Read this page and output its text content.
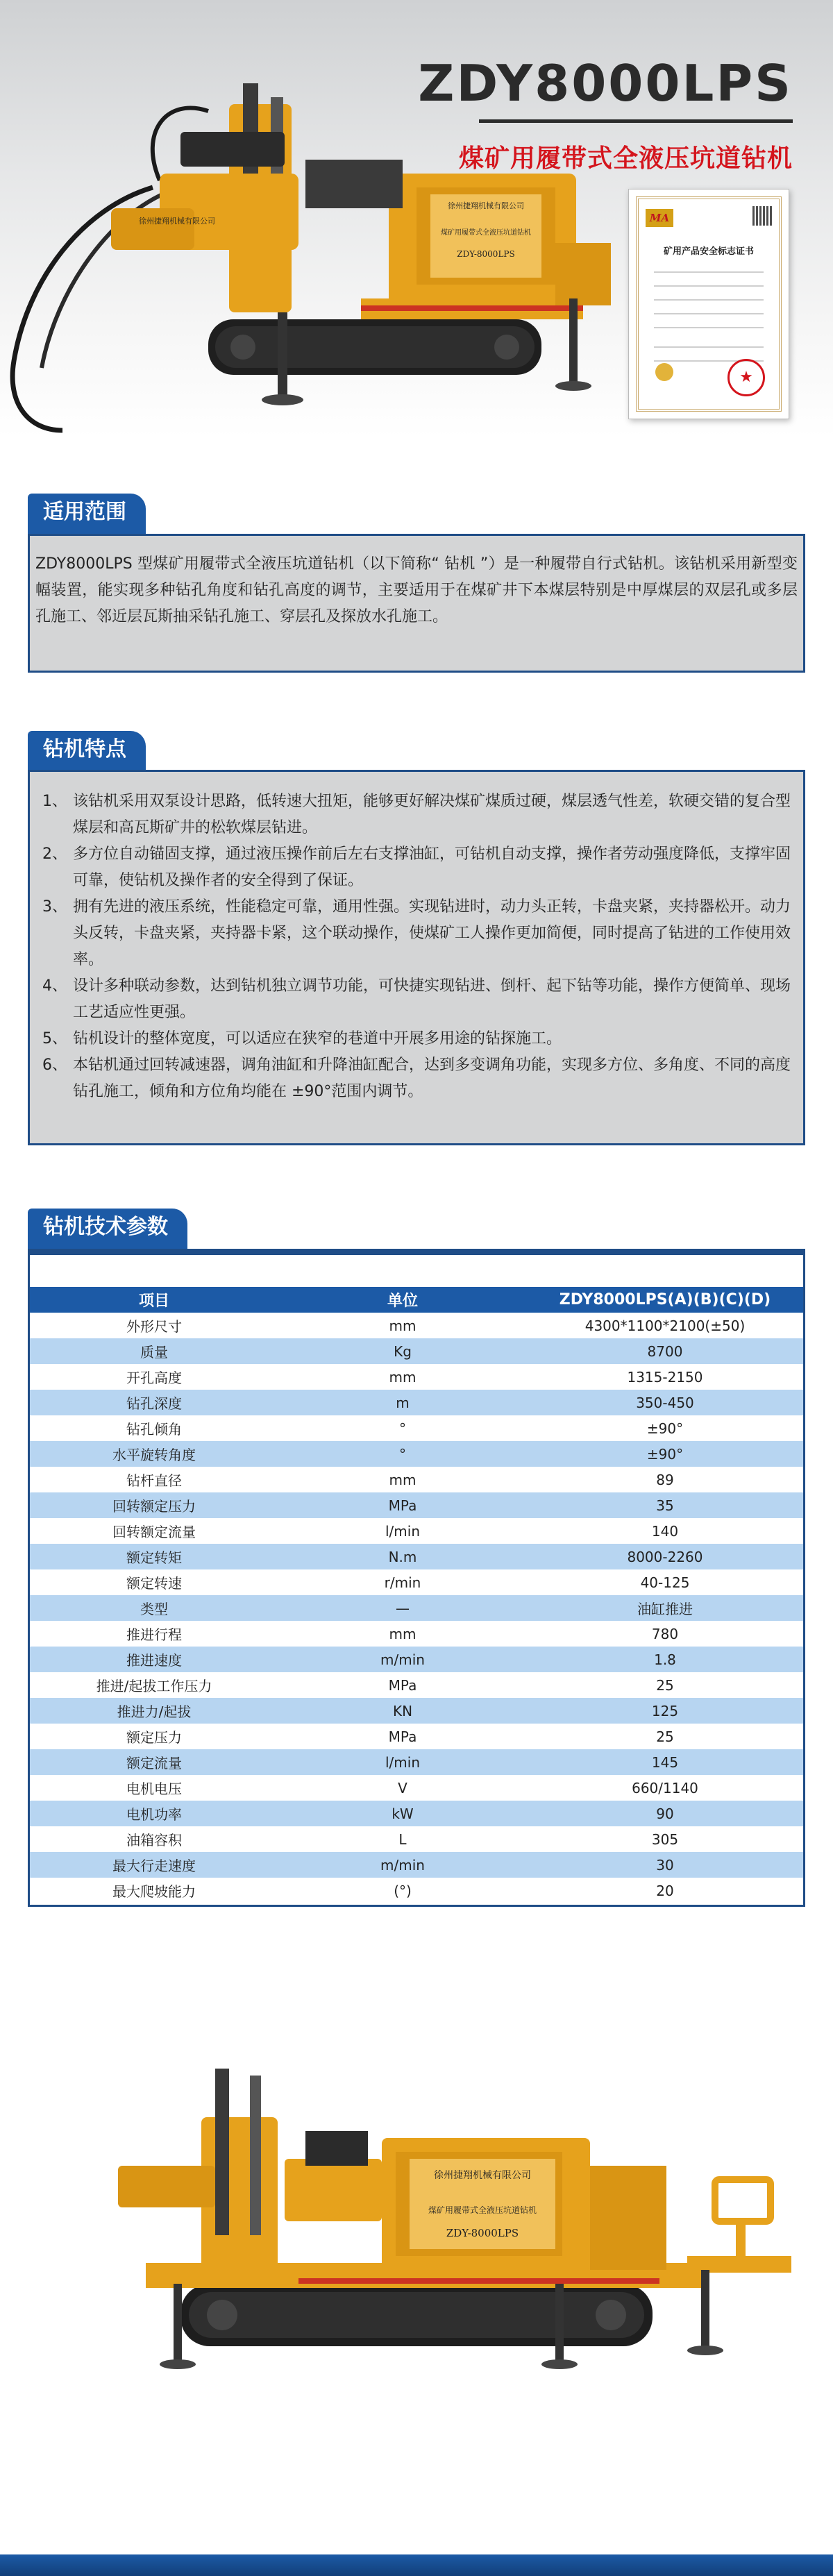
徐州捷翔机械有限公司
煤矿用履带式全液压坑道钻机
ZDY-8000LPS
徐州捷翔机械有限公司
ZDY8000LPS
煤矿用履带式全液压坑道钻机
MA
矿用产品安全标志证书
★
适用范围

ZDY8000LPS 型煤矿用履带式全液压坑道钻机（以下简称“ 钻机 ”）是一种履带自行式钻机。该钻机采用新型变幅装置，能实现多种钻孔角度和钻孔高度的调节，主要适用于在煤矿井下本煤层特别是中厚煤层的双层孔或多层孔施工、邻近层瓦斯抽采钻孔施工、穿层孔及探放水孔施工。

钻机特点
1、 该钻机采用双泵设计思路，低转速大扭矩，能够更好解决煤矿煤质过硬，煤层透气性差，软硬交错的复合型煤层和高瓦斯矿井的松软煤层钻进。
2、 多方位自动锚固支撑，通过液压操作前后左右支撑油缸，可钻机自动支撑，操作者劳动强度降低，支撑牢固可靠，使钻机及操作者的安全得到了保证。
3、 拥有先进的液压系统，性能稳定可靠，通用性强。实现钻进时，动力头正转，卡盘夹紧，夹持器松开。动力头反转，卡盘夹紧，夹持器卡紧，这个联动操作，使煤矿工人操作更加简便，同时提高了钻进的工作使用效率。
4、 设计多种联动参数，达到钻机独立调节功能，可快捷实现钻进、倒杆、起下钻等功能，操作方便简单、现场工艺适应性更强。
5、 钻机设计的整体宽度，可以适应在狭窄的巷道中开展多用途的钻探施工。
6、 本钻机通过回转减速器，调角油缸和升降油缸配合，达到多变调角功能，实现多方位、多角度、不同的高度钻孔施工，倾角和方位角均能在 ±90°范围内调节。
钻机技术参数
项目	单位	ZDY8000LPS(A)(B)(C)(D)
外形尺寸	mm	4300*1100*2100(±50)
质量	Kg	8700
开孔高度	mm	1315-2150
钻孔深度	m	350-450
钻孔倾角	°	±90°
水平旋转角度	°	±90°
钻杆直径	mm	89
回转额定压力	MPa	35
回转额定流量	l/min	140
额定转矩	N.m	8000-2260
额定转速	r/min	40-125
类型	—	油缸推进
推进行程	mm	780
推进速度	m/min	1.8
推进/起拔工作压力	MPa	25
推进力/起拔	KN	125
额定压力	MPa	25
额定流量	l/min	145
电机电压	V	660/1140
电机功率	kW	90
油箱容积	L	305
最大行走速度	m/min	30
最大爬坡能力	(°)	20
徐州捷翔机械有限公司
煤矿用履带式全液压坑道钻机
ZDY-8000LPS
